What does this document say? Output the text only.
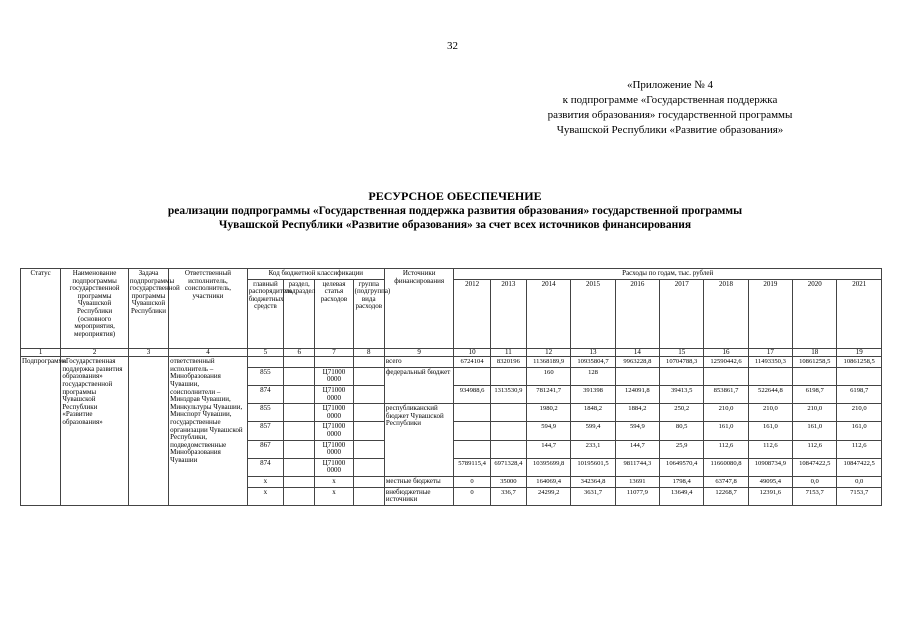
32
«Приложение № 4
к подпрограмме «Государственная поддержка
развития образования» государственной программы
Чувашской Республики «Развитие образования»
РЕСУРСНОЕ ОБЕСПЕЧЕНИЕ
реализации подпрограммы «Государственная поддержка развития образования» государственной программы
Чувашской Республики «Развитие образования» за счет всех источников финансирования
Статус	Наименование подпрограммы государственной программы Чувашской Республики (основного мероприятия, мероприятия)	Задача подпрограммы государственной программы Чувашской Республики	Ответственный исполнитель, соисполнитель, участники	Код бюджетной классификации				Источники финансирования	Расходы по годам, тыс. рублей									
				главный распорядитель бюджетных средств	раздел, подраздел	целевая статья расходов	группа (подгруппа) вида расходов		2012	2013	2014	2015	2016	2017	2018	2019	2020	2021
1	2	3	4	5	6	7	8	9	10	11	12	13	14	15	16	17	18	19
Подпрограмма	«Государственная поддержка развития образования» государственной программы Чувашской Республики «Развитие образования»		ответственный исполнитель – Минобразования Чувашии, соисполнители – Минздрав Чувашии, Минкультуры Чувашии, Минспорт Чувашии, государственные организации Чувашской Республики, подведомственные Минобразования Чувашии					всего	6724104	8320196	11368189,9	10935804,7	9963228,8	10704788,3	12590442,6	11493350,3	10861258,5	10861258,5
				855		Ц71000 0000		федеральный бюджет			160	128						
				874		Ц71000 0000			934988,6	1313530,9	781241,7	391398	124091,8	39413,5	853861,7	522644,8	6198,7	6198,7
				855		Ц71000 0000		республиканский бюджет Чувашской Республики			1980,2	1848,2	1884,2	250,2	210,0	210,0	210,0	210,0
				857		Ц71000 0000					594,9	599,4	594,9	80,5	161,0	161,0	161,0	161,0
				867		Ц71000 0000					144,7	233,1	144,7	25,9	112,6	112,6	112,6	112,6
				874		Ц71000 0000			5789115,4	6971328,4	10395699,8	10195601,5	9811744,3	10649570,4	11660080,8	10908734,9	10847422,5	10847422,5
				x		x		местные бюджеты	0	35000	164069,4	342364,8	13691	1798,4	63747,8	49095,4	0,0	0,0
				x		x		внебюджетные источники	0	336,7	24299,2	3631,7	11077,9	13649,4	12268,7	12391,6	7153,7	7153,7
